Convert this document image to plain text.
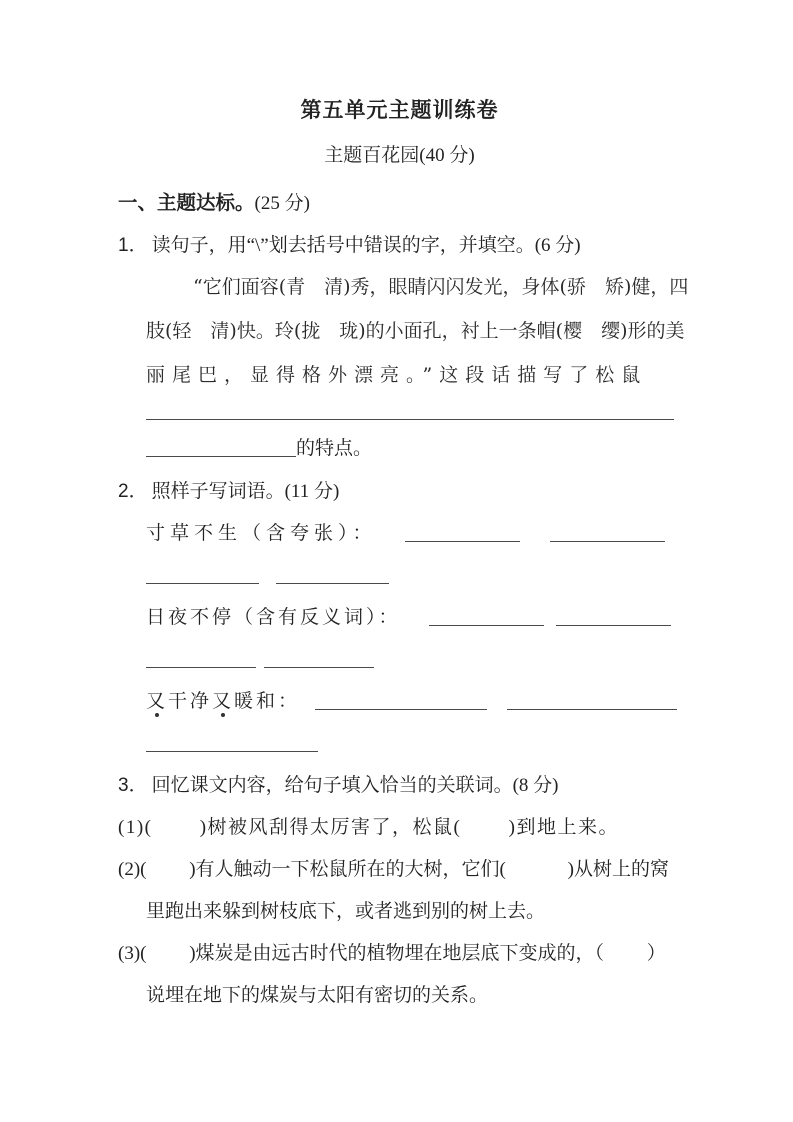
第五单元主题训练卷
主题百花园(40 分)
一、主题达标。(25 分)
1． 读句子，用“\”划去括号中错误的字，并填空。(6 分)
“它们面容(青　清)秀，眼睛闪闪发光，身体(骄　矫)健，四
肢(轻　清)快。玲(拢　珑)的小面孔，衬上一条帽(樱　缨)形的美
丽尾巴，显得格外漂亮。”这段话描写了松鼠
的特点。
2． 照样子写词语。(11 分)
寸草不生（含夸张）：
日夜不停（含有反义词）：
又干净又暖和：
3． 回忆课文内容，给句子填入恰当的关联词。(8 分)
(1)(　　 )树被风刮得太厉害了，松鼠(　　 )到地上来。
(2)(　　 )有人触动一下松鼠所在的大树，它们(　　　 )从树上的窝
里跑出来躲到树枝底下，或者逃到别的树上去。
(3)(　　 )煤炭是由远古时代的植物埋在地层底下变成的，（　　 ）
说埋在地下的煤炭与太阳有密切的关系。
